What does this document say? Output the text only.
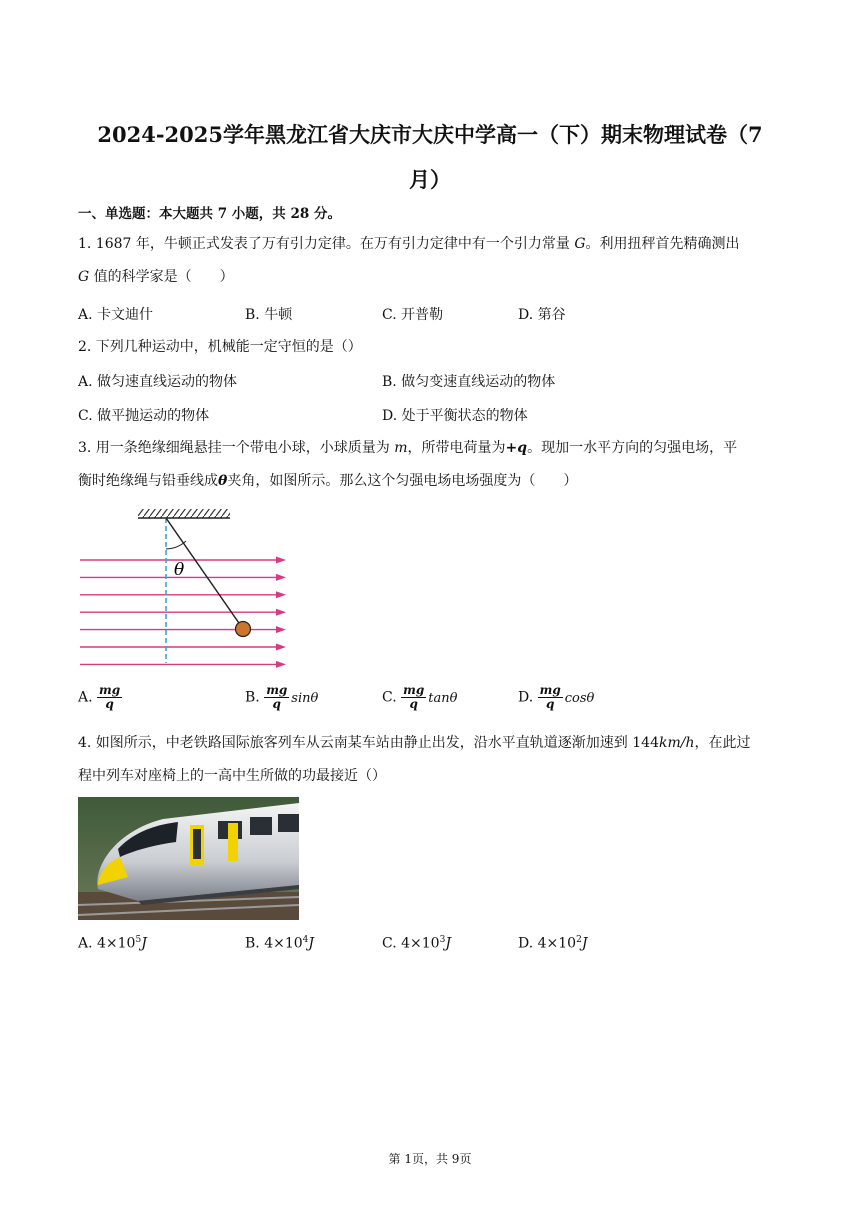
2024-2025学年黑龙江省大庆市大庆中学高一（下）期末物理试卷（7
月）
一、单选题：本大题共 7 小题，共 28 分。
1. 1687 年，牛顿正式发表了万有引力定律。在万有引力定律中有一个引力常量 G。利用扭秤首先精确测出
G 值的科学家是（　　）
A. 卡文迪什	B. 牛顿	C. 开普勒	D. 第谷
2. 下列几种运动中，机械能一定守恒的是（）
A. 做匀速直线运动的物体	B. 做匀变速直线运动的物体
C. 做平抛运动的物体	D. 处于平衡状态的物体
3. 用一条绝缘细绳悬挂一个带电小球，小球质量为 m，所带电荷量为+q。现加一水平方向的匀强电场，平
衡时绝缘绳与铅垂线成θ夹角，如图所示。那么这个匀强电场电场强度为（　　）
θ
A. $\frac{mg}{q}$	B. $\frac{mg}{q}$ sinθ	C. $\frac{mg}{q}$ tanθ	D. $\frac{mg}{q}$ cosθ
4. 如图所示，中老铁路国际旅客列车从云南某车站由静止出发，沿水平直轨道逐渐加速到 144km/h，在此过
程中列车对座椅上的一高中生所做的功最接近（）
A. $4\times 10^5J$	B. $4\times 10^4J$	C. $4\times 10^3J$	D. $4\times 10^2J$
第 1页，共 9页
